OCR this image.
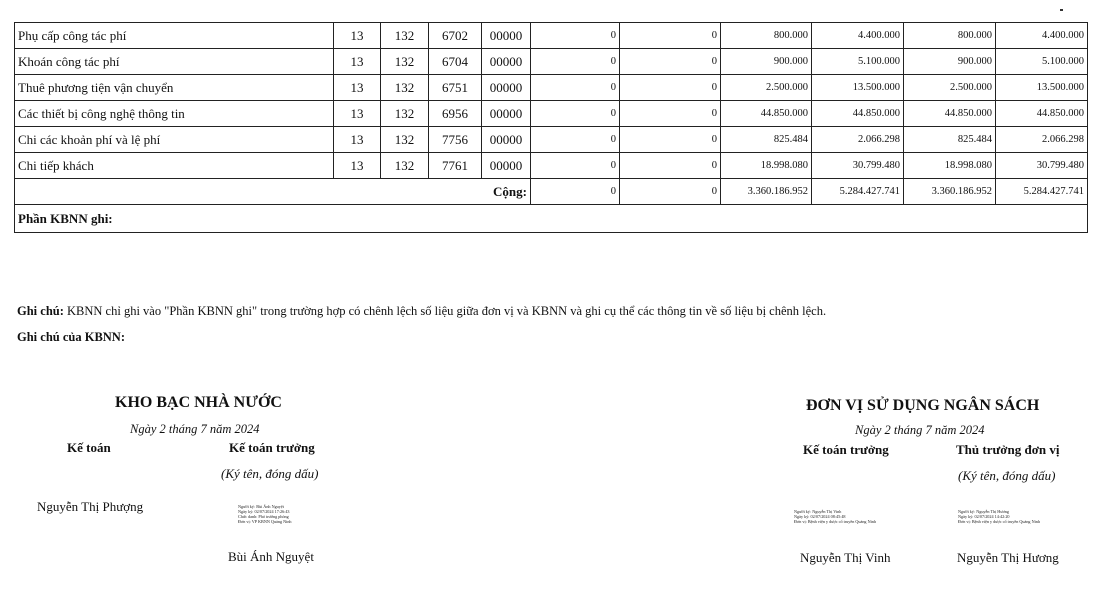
Phụ cấp công tác phí	13	132	6702	00000	0	0	800.000	4.400.000	800.000	4.400.000
Khoán công tác phí	13	132	6704	00000	0	0	900.000	5.100.000	900.000	5.100.000
Thuê phương tiện vận chuyển	13	132	6751	00000	0	0	2.500.000	13.500.000	2.500.000	13.500.000
Các thiết bị công nghệ thông tin	13	132	6956	00000	0	0	44.850.000	44.850.000	44.850.000	44.850.000
Chi các khoản phí và lệ phí	13	132	7756	00000	0	0	825.484	2.066.298	825.484	2.066.298
Chi tiếp khách	13	132	7761	00000	0	0	18.998.080	30.799.480	18.998.080	30.799.480
Cộng:					0	0	3.360.186.952	5.284.427.741	3.360.186.952	5.284.427.741
Phần KBNN ghi:										
Ghi chú: KBNN chỉ ghi vào "Phần KBNN ghi" trong trường hợp có chênh lệch số liệu giữa đơn vị và KBNN và ghi cụ thể các thông tin về số liệu bị chênh lệch.
Ghi chú của KBNN:
KHO BẠC NHÀ NƯỚC
Ngày 2 tháng 7 năm 2024
Kế toán	Kế toán trưởng
(Ký tên, đóng dấu)
Nguyễn Thị Phượng	Người ký: Bùi Ánh Nguyệt
Ngày ký: 02/07/2024 17:26:43
Chức danh: Phó trưởng phòng
Đơn vị: VP KBNN Quảng Ninh
Bùi Ánh Nguyệt
ĐƠN VỊ SỬ DỤNG NGÂN SÁCH
Ngày 2 tháng 7 năm 2024
Kế toán trưởng	Thủ trưởng đơn vị
(Ký tên, đóng dấu)
Người ký: Nguyễn Thị Vinh
Ngày ký: 02/07/2024 08:45:48
Đơn vị: Bệnh viện y dược cổ truyền Quảng Ninh
Người ký: Nguyễn Thị Hương
Ngày ký: 02/07/2024 14:42:20
Đơn vị: Bệnh viện y dược cổ truyền Quảng Ninh
Nguyễn Thị Vinh	Nguyễn Thị Hương
